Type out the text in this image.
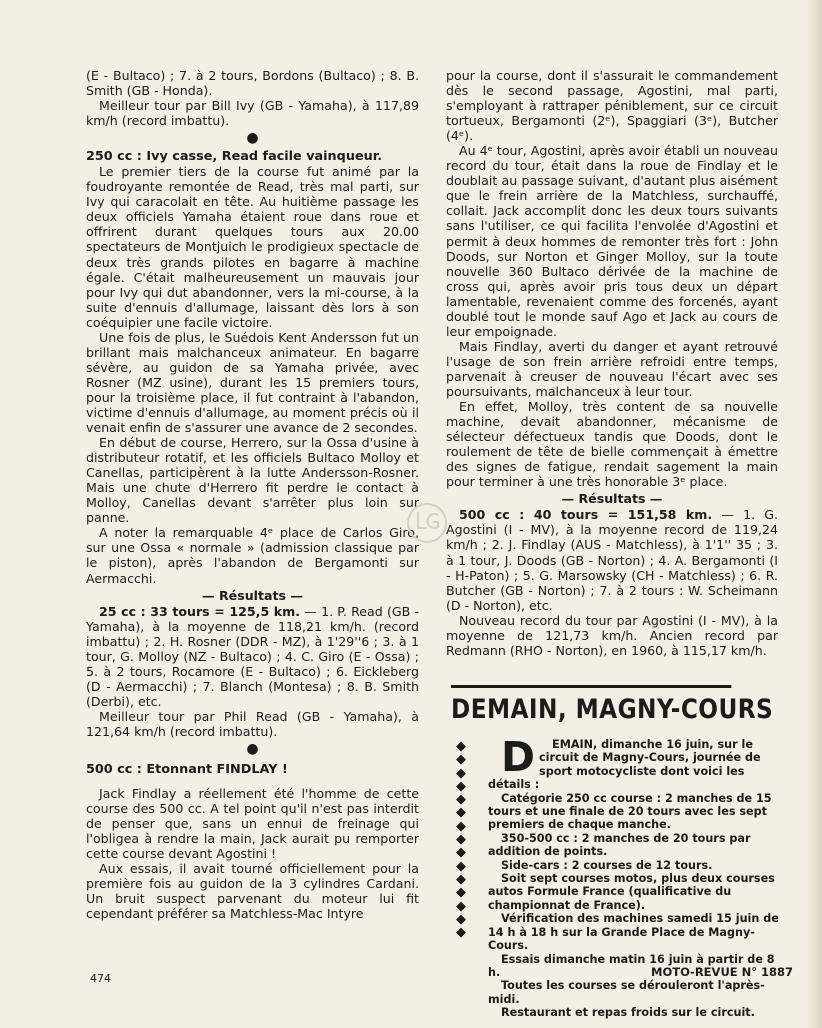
(E - Bultaco) ; 7. à 2 tours, Bordons (Bultaco) ; 8. B. Smith (GB - Honda).

Meilleur tour par Bill Ivy (GB - Yamaha), à 117,89 km/h (record imbattu).

●
250 cc : Ivy casse, Read facile vainqueur.

Le premier tiers de la course fut animé par la foudroyante remontée de Read, très mal parti, sur Ivy qui caracolait en tête. Au huitième passage les deux officiels Yamaha étaient roue dans roue et offrirent durant quelques tours aux 20.00 spectateurs de Montjuich le prodigieux spectacle de deux très grands pilotes en bagarre à machine égale. C'était malheureusement un mauvais jour pour Ivy qui dut abandonner, vers la mi-course, à la suite d'ennuis d'allumage, laissant dès lors à son coéquipier une facile victoire.

Une fois de plus, le Suédois Kent Andersson fut un brillant mais malchanceux animateur. En bagarre sévère, au guidon de sa Yamaha privée, avec Rosner (MZ usine), durant les 15 premiers tours, pour la troisième place, il fut contraint à l'abandon, victime d'ennuis d'allumage, au moment précis où il venait enfin de s'assurer une avance de 2 secondes.

En début de course, Herrero, sur la Ossa d'usine à distributeur rotatif, et les officiels Bultaco Molloy et Canellas, participèrent à la lutte Andersson-Rosner. Mais une chute d'Herrero fit perdre le contact à Molloy, Canellas devant s'arrêter plus loin sur panne.

A noter la remarquable 4ᵉ place de Carlos Giro, sur une Ossa « normale » (admission classique par le piston), après l'abandon de Bergamonti sur Aermacchi.

— Résultats —

25 cc : 33 tours = 125,5 km. — 1. P. Read (GB - Yamaha), à la moyenne de 118,21 km/h. (record imbattu) ; 2. H. Rosner (DDR - MZ), à 1'29''6 ; 3. à 1 tour, G. Molloy (NZ - Bultaco) ; 4. C. Giro (E - Ossa) ; 5. à 2 tours, Rocamore (E - Bultaco) ; 6. Eickleberg (D - Aermacchi) ; 7. Blanch (Montesa) ; 8. B. Smith (Derbi), etc.

Meilleur tour par Phil Read (GB - Yamaha), à 121,64 km/h (record imbattu).

●
500 cc : Etonnant FINDLAY !

Jack Findlay a réellement été l'homme de cette course des 500 cc. A tel point qu'il n'est pas interdit de penser que, sans un ennui de freinage qui l'obligea à rendre la main, Jack aurait pu remporter cette course devant Agostini !

Aux essais, il avait tourné officiellement pour la première fois au guidon de la 3 cylindres Cardani. Un bruit suspect parvenant du moteur lui fit cependant préférer sa Matchless-Mac Intyre

pour la course, dont il s'assurait le commandement dès le second passage, Agostini, mal parti, s'employant à rattraper péniblement, sur ce circuit tortueux, Bergamonti (2ᵉ), Spaggiari (3ᵉ), Butcher (4ᵉ).

Au 4ᵉ tour, Agostini, après avoir établi un nouveau record du tour, était dans la roue de Findlay et le doublait au passage suivant, d'autant plus aisément que le frein arrière de la Matchless, surchauffé, collait. Jack accomplit donc les deux tours suivants sans l'utiliser, ce qui facilita l'envolée d'Agostini et permit à deux hommes de remonter très fort : John Doods, sur Norton et Ginger Molloy, sur la toute nouvelle 360 Bultaco dérivée de la machine de cross qui, après avoir pris tous deux un départ lamentable, revenaient comme des forcenés, ayant doublé tout le monde sauf Ago et Jack au cours de leur empoignade.

Mais Findlay, averti du danger et ayant retrouvé l'usage de son frein arrière refroidi entre temps, parvenait à creuser de nouveau l'écart avec ses poursuivants, malchanceux à leur tour.

En effet, Molloy, très content de sa nouvelle machine, devait abandonner, mécanisme de sélecteur défectueux tandis que Doods, dont le roulement de tête de bielle commençait à émettre des signes de fatigue, rendait sagement la main pour terminer à une très honorable 3ᵉ place.

— Résultats —

500 cc : 40 tours = 151,58 km. — 1. G. Agostini (I - MV), à la moyenne record de 119,24 km/h ; 2. J. Findlay (AUS - Matchless), à 1'1'' 35 ; 3. à 1 tour, J. Doods (GB - Norton) ; 4. A. Bergamonti (I - H-Paton) ; 5. G. Marsowsky (CH - Matchless) ; 6. R. Butcher (GB - Norton) ; 7. à 2 tours : W. Scheimann (D - Norton), etc.

Nouveau record du tour par Agostini (I - MV), à la moyenne de 121,73 km/h. Ancien record par Redmann (RHO - Norton), en 1960, à 115,17 km/h.

DEMAIN, MAGNY-COURS
◆
◆
◆
◆
◆
◆
◆
◆
◆
◆
◆
◆
◆
◆
◆

D EMAIN, dimanche 16 juin, sur le circuit de Magny-Cours, journée de sport motocycliste dont voici les détails :

Catégorie 250 cc course : 2 manches de 15 tours et une finale de 20 tours avec les sept premiers de chaque manche.

350-500 cc : 2 manches de 20 tours par addition de points.

Side-cars : 2 courses de 12 tours.

Soit sept courses motos, plus deux courses autos Formule France (qualificative du championnat de France).

Vérification des machines samedi 15 juin de 14 h à 18 h sur la Grande Place de Magny-Cours.

Essais dimanche matin 16 juin à partir de 8 h.

Toutes les courses se dérouleront l'après-midi.

Restaurant et repas froids sur le circuit.

474	MOTO-REVUE N° 1887
